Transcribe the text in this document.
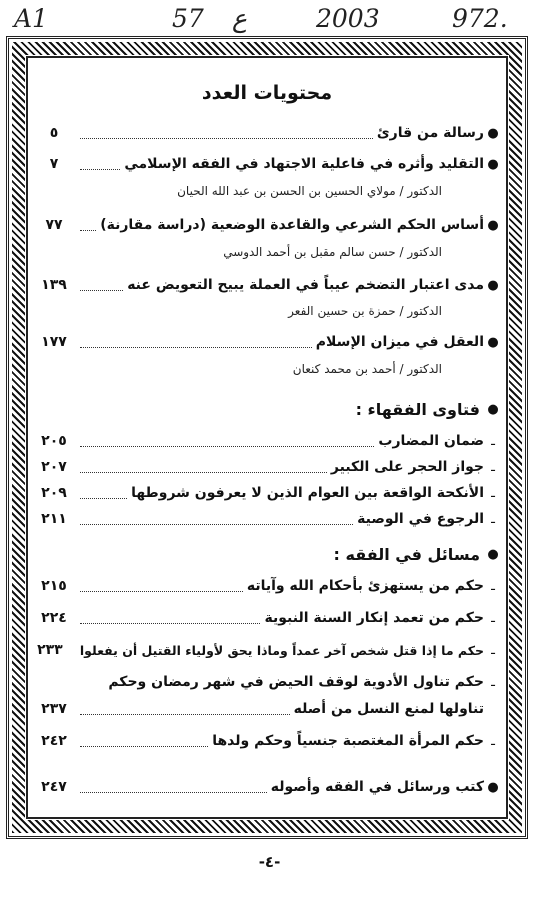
A1	57 ع	2003	972.
محتويات العدد
●
رسالة من قارئ
٥
●
التقليد وأثره في فاعلية الاجتهاد في الفقه الإسلامي
٧
الدكتور / مولاي الحسين بن الحسن بن عبد الله الحيان
●
أساس الحكم الشرعي والقاعدة الوضعية (دراسة مقارنة)
٧٧
الدكتور / حسن سالم مقبل بن أحمد الدوسي
●
مدى اعتبار التضخم عيباً في العملة يبيح التعويض عنه
١٣٩
الدكتور / حمزة بن حسين الفعر
●
العقل في ميزان الإسلام
١٧٧
الدكتور / أحمد بن محمد كنعان
●
فتاوى الفقهاء :
ـ
ضمان المضارب
٢٠٥
ـ
جواز الحجر على الكبير
٢٠٧
ـ
الأنكحة الواقعة بين العوام الذين لا يعرفون شروطها
٢٠٩
ـ
الرجوع في الوصية
٢١١
●
مسائل في الفقه :
ـ
حكم من يستهزئ بأحكام الله وآياته
٢١٥
ـ
حكم من تعمد إنكار السنة النبوية
٢٢٤
ـ
حكم ما إذا قتل شخص آخر عمداً وماذا يحق لأولياء القتيل أن يفعلوا
٢٣٣
ـ
حكم تناول الأدوية لوقف الحيض في شهر رمضان وحكم
تناولها لمنع النسل من أصله
٢٣٧
ـ
حكم المرأة المغتصبة جنسياً وحكم ولدها
٢٤٢
●
كتب ورسائل في الفقه وأصوله
٢٤٧
-٤-
